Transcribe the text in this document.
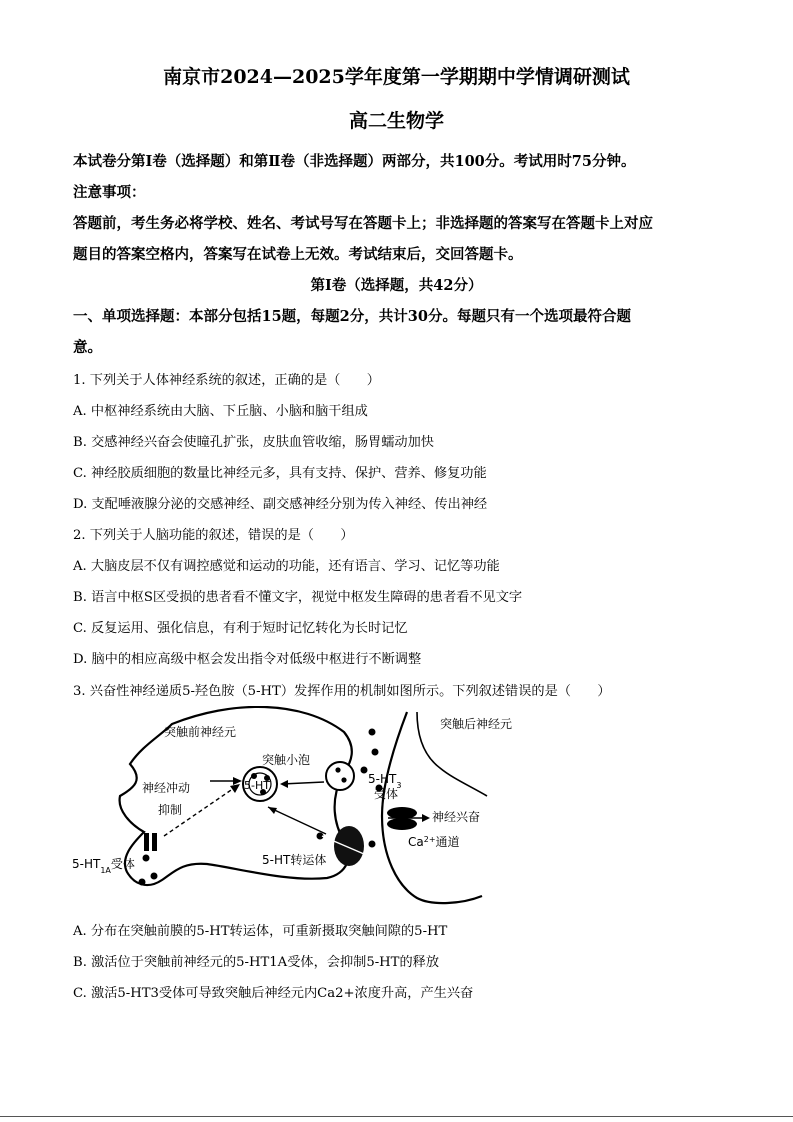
南京市2024—2025学年度第一学期期中学情调研测试
高二生物学
本试卷分第Ⅰ卷（选择题）和第Ⅱ卷（非选择题）两部分，共100分。考试用时75分钟。
注意事项：
答题前，考生务必将学校、姓名、考试号写在答题卡上；非选择题的答案写在答题卡上对应
题目的答案空格内，答案写在试卷上无效。考试结束后，交回答题卡。
第Ⅰ卷（选择题，共42分）
一、单项选择题：本部分包括15题，每题2分，共计30分。每题只有一个选项最符合题
意。
1. 下列关于人体神经系统的叙述，正确的是（　　）
A. 中枢神经系统由大脑、下丘脑、小脑和脑干组成
B. 交感神经兴奋会使瞳孔扩张，皮肤血管收缩，肠胃蠕动加快
C. 神经胶质细胞的数量比神经元多，具有支持、保护、营养、修复功能
D. 支配唾液腺分泌的交感神经、副交感神经分别为传入神经、传出神经
2. 下列关于人脑功能的叙述，错误的是（　　）
A. 大脑皮层不仅有调控感觉和运动的功能，还有语言、学习、记忆等功能
B. 语言中枢S区受损的患者看不懂文字，视觉中枢发生障碍的患者看不见文字
C. 反复运用、强化信息，有利于短时记忆转化为长时记忆
D. 脑中的相应高级中枢会发出指令对低级中枢进行不断调整
3. 兴奋性神经递质5-羟色胺（5-HT）发挥作用的机制如图所示。下列叙述错误的是（　　）
突触前神经元
突触后神经元
突触小泡
神经冲动
抑制
5-HT	$5-HT_3$
受体
神经兴奋
$Ca^{2+}$通道
5-HT转运体
$5-HT_{1A}$受体
A. 分布在突触前膜的5-HT转运体，可重新摄取突触间隙的5-HT
B. 激活位于突触前神经元的5-HT1A受体，会抑制5-HT的释放
C. 激活5-HT3受体可导致突触后神经元内Ca2+浓度升高，产生兴奋
